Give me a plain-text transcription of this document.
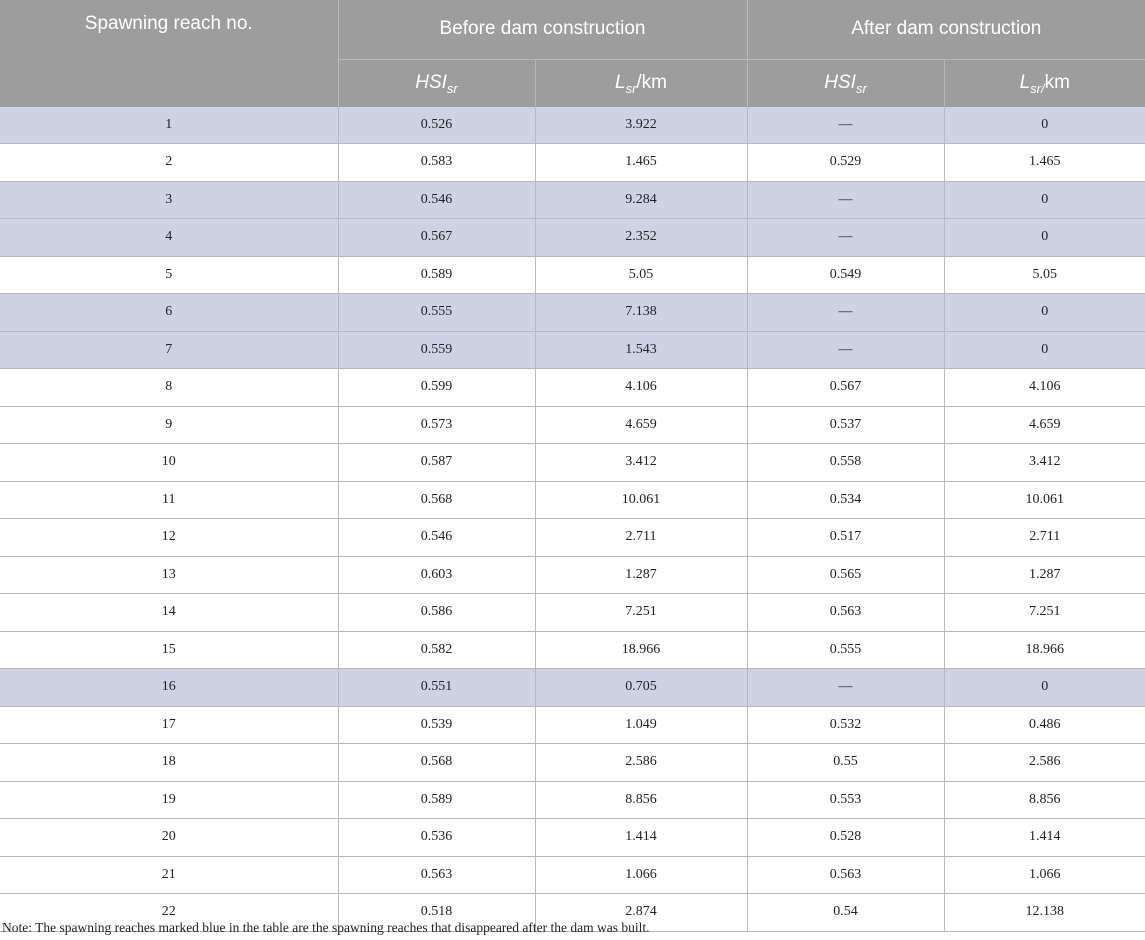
Spawning reach no.	Before dam construction		After dam construction	
	$HSI_{sr}$	$L_{sr}/km$	$HSI_{sr}$	$L_{sr/}km$
1	0.526	3.922	—	0
2	0.583	1.465	0.529	1.465
3	0.546	9.284	—	0
4	0.567	2.352	—	0
5	0.589	5.05	0.549	5.05
6	0.555	7.138	—	0
7	0.559	1.543	—	0
8	0.599	4.106	0.567	4.106
9	0.573	4.659	0.537	4.659
10	0.587	3.412	0.558	3.412
11	0.568	10.061	0.534	10.061
12	0.546	2.711	0.517	2.711
13	0.603	1.287	0.565	1.287
14	0.586	7.251	0.563	7.251
15	0.582	18.966	0.555	18.966
16	0.551	0.705	—	0
17	0.539	1.049	0.532	0.486
18	0.568	2.586	0.55	2.586
19	0.589	8.856	0.553	8.856
20	0.536	1.414	0.528	1.414
21	0.563	1.066	0.563	1.066
22	0.518	2.874	0.54	12.138
Note: The spawning reaches marked blue in the table are the spawning reaches that disappeared after the dam was built.
